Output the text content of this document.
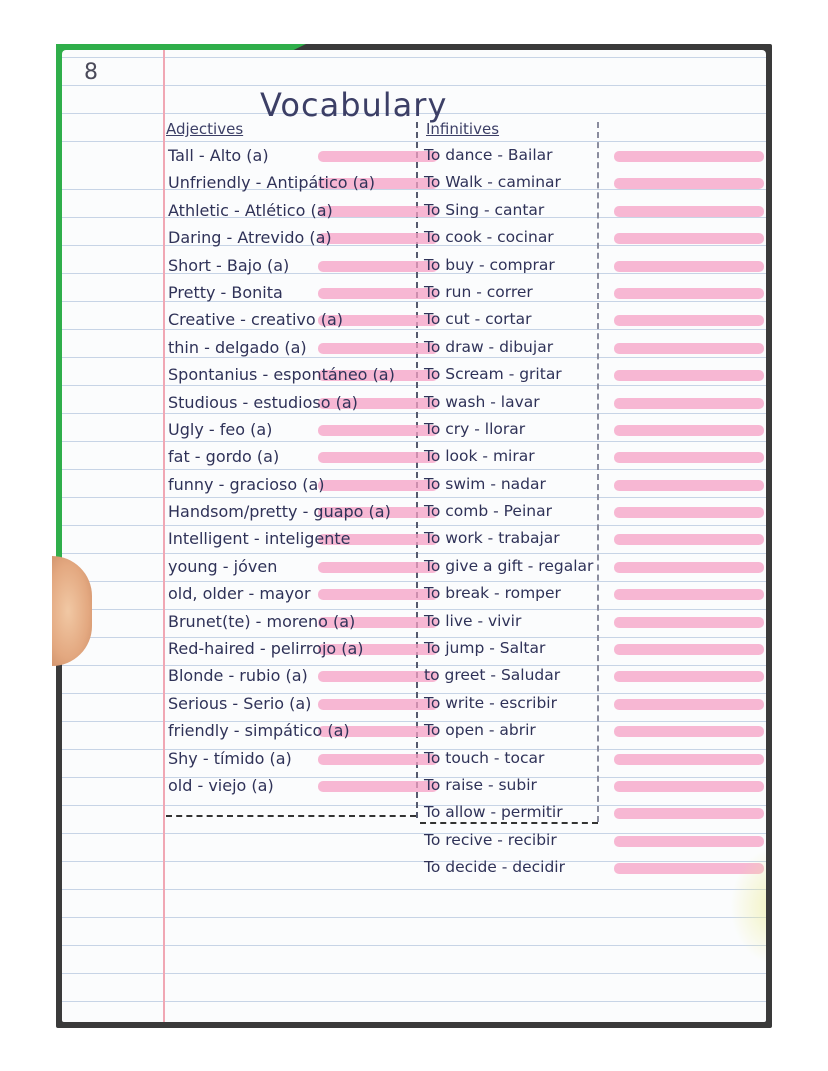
8
Vocabulary
Adjectives	Infinitives
Tall - Alto (a)
Unfriendly - Antipático (a)
Athletic - Atlético (a)
Daring - Atrevido (a)
Short - Bajo (a)
Pretty - Bonita
Creative - creativo (a)
thin - delgado (a)
Spontanius - espontáneo (a)
Studious - estudioso (a)
Ugly - feo (a)
fat - gordo (a)
funny - gracioso (a)
Handsom/pretty - guapo (a)
Intelligent - inteligente
young - jóven
old, older - mayor
Brunet(te) - moreno (a)
Red-haired - pelirrojo (a)
Blonde - rubio (a)
Serious - Serio (a)
friendly - simpático (a)
Shy - tímido (a)
old - viejo (a)
To dance - Bailar
To Walk - caminar
To Sing - cantar
To cook - cocinar
To buy - comprar
To run - correr
To cut - cortar
To draw - dibujar
To Scream - gritar
To wash - lavar
To cry - llorar
To look - mirar
To swim - nadar
To comb - Peinar
To work - trabajar
To give a gift - regalar
To break - romper
To live - vivir
To jump - Saltar
to greet - Saludar
To write - escribir
To open - abrir
To touch - tocar
To raise - subir
To allow - permitir
To recive - recibir
To decide - decidir
